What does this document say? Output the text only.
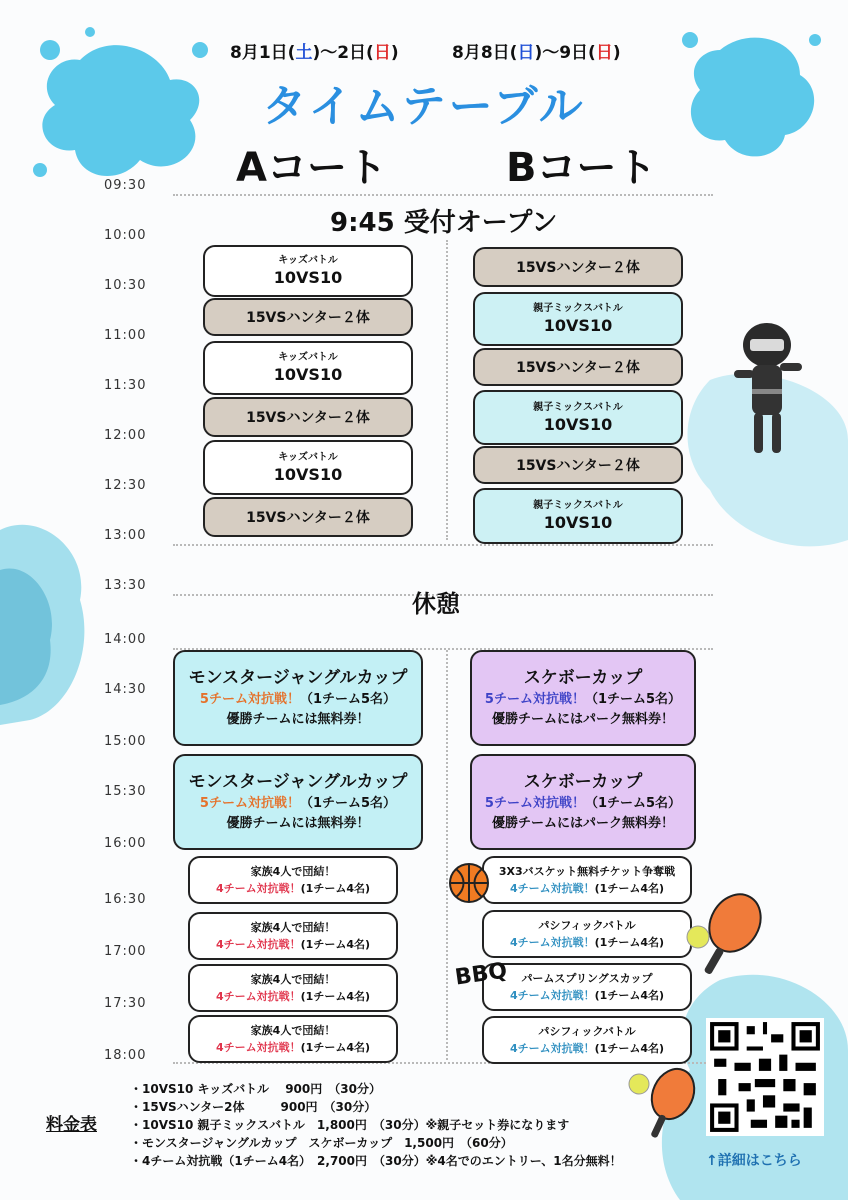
8月1日(土)〜2日(日)	8月8日(日)〜9日(日)
タイムテーブル
Aコート	Bコート
09:30
10:00
10:30
11:00
11:30
12:00
12:30
13:00
13:30
14:00
14:30
15:00
15:30
16:00
16:30
17:00
17:30
18:00
9:45 受付オープン
休憩
キッズバトル
10VS10
15VSハンター２体
キッズバトル
10VS10
15VSハンター２体
キッズバトル
10VS10
15VSハンター２体
15VSハンター２体
親子ミックスバトル
10VS10
15VSハンター２体
親子ミックスバトル
10VS10
15VSハンター２体
親子ミックスバトル
10VS10
モンスタージャングルカップ
5チーム対抗戦！（1チーム5名）
優勝チームには無料券！
スケボーカップ
5チーム対抗戦！（1チーム5名）
優勝チームにはパーク無料券！
モンスタージャングルカップ
5チーム対抗戦！（1チーム5名）
優勝チームには無料券！
スケボーカップ
5チーム対抗戦！（1チーム5名）
優勝チームにはパーク無料券！
家族4人で団結！
4チーム対抗戦！(1チーム4名)
家族4人で団結！
4チーム対抗戦！(1チーム4名)
家族4人で団結！
4チーム対抗戦！(1チーム4名)
家族4人で団結！
4チーム対抗戦！(1チーム4名)
3X3バスケット無料チケット争奪戦
4チーム対抗戦！(1チーム4名)
パシフィックバトル
4チーム対抗戦！(1チーム4名)
パームスプリングスカップ
4チーム対抗戦！(1チーム4名)
パシフィックバトル
4チーム対抗戦！(1チーム4名)
BBQ
↑詳細はこちら
料金表
・10VS10 キッズバトル　 900円　（30分）
・15VSハンター2体　　　900円　（30分）
・10VS10 親子ミックスバトル　1,800円　（30分）※親子セット券になります
・モンスタージャングルカップ　スケボーカップ　1,500円　（60分）
・4チーム対抗戦（1チーム4名）　2,700円　（30分）※4名でのエントリー、1名分無料！
